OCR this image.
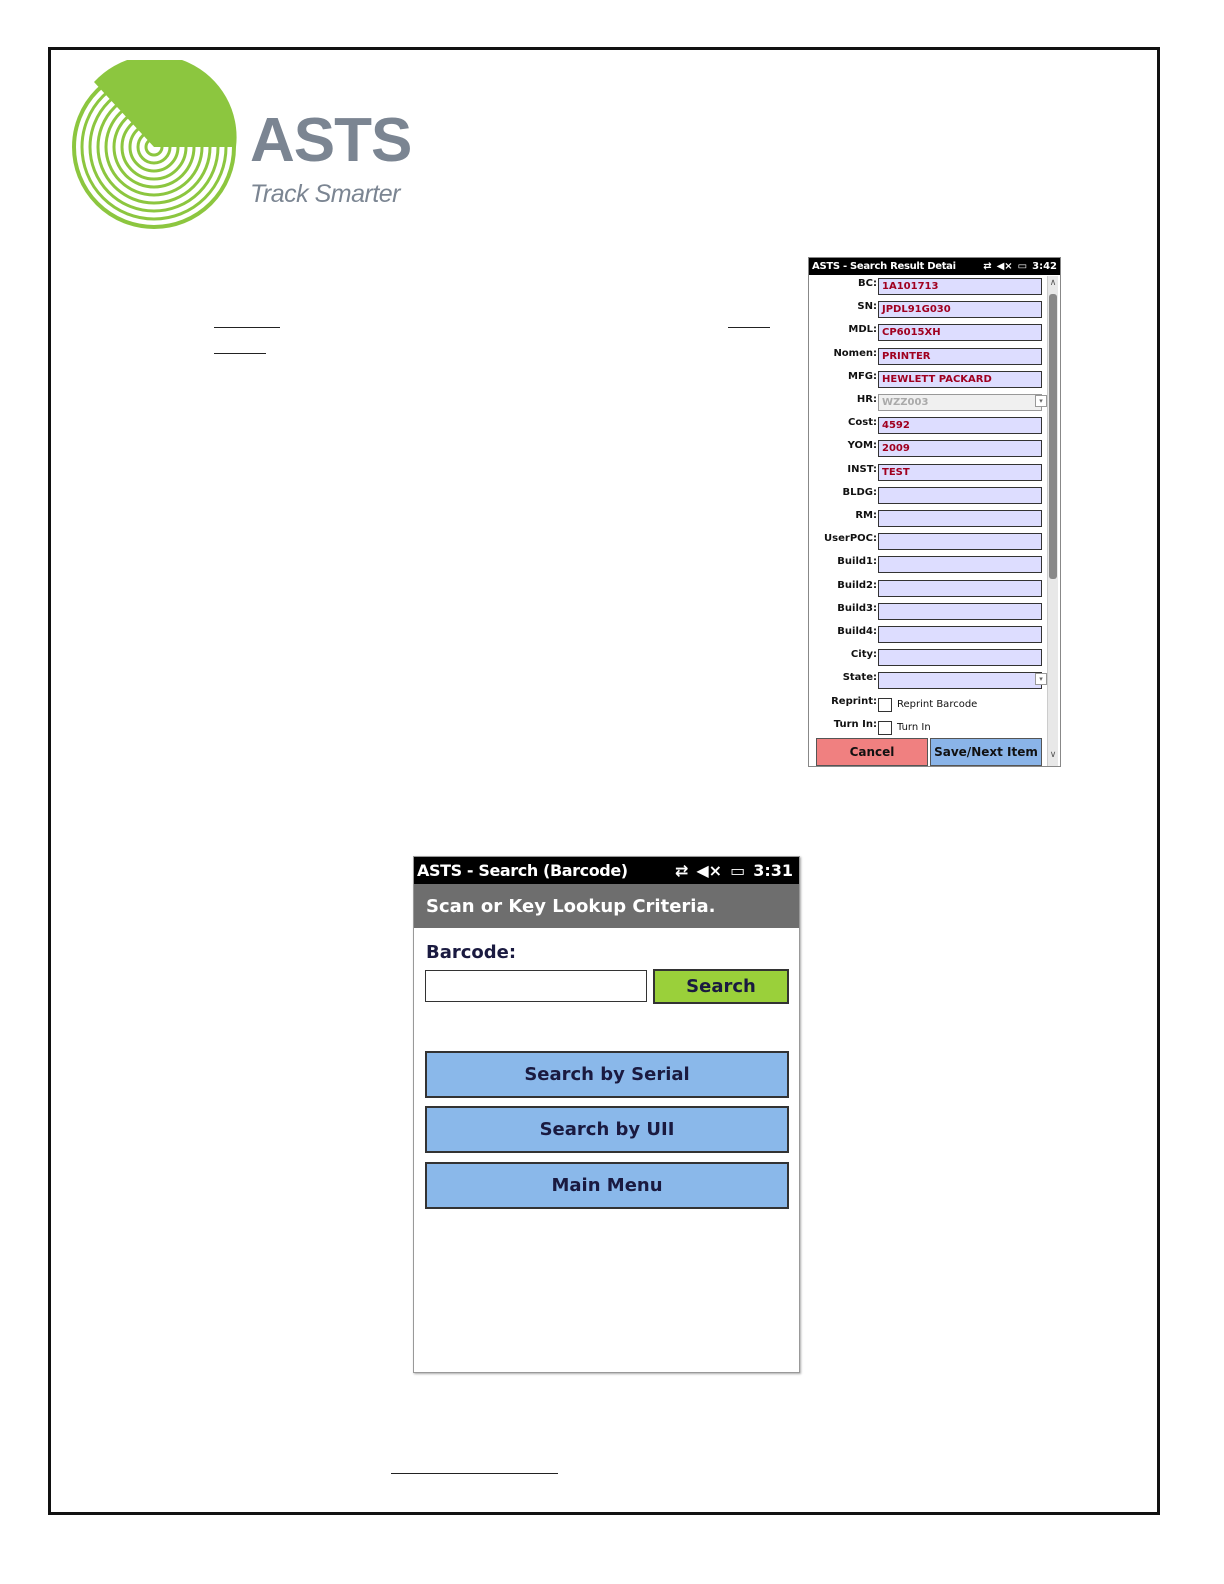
ASTS
Track Smarter
ASTS - Search Result Detai	⇄ ◀× ▭ 3:42
BC: 1A101713
SN: JPDL91G030
MDL: CP6015XH
Nomen: PRINTER
MFG: HEWLETT PACKARD
HR: WZZ003	▾
Cost: 4592
YOM: 2009
INST: TEST
BLDG:
RM:
UserPOC:
Build1:
Build2:
Build3:
Build4:
City:
State:	▾
Reprint: Reprint Barcode
Turn In: Turn In
Cancel	Save/Next Item
∧
∨
ASTS - Search (Barcode)	⇄ ◀× ▭ 3:31
Scan or Key Lookup Criteria.
Barcode:
Search
Search by Serial
Search by UII
Main Menu
